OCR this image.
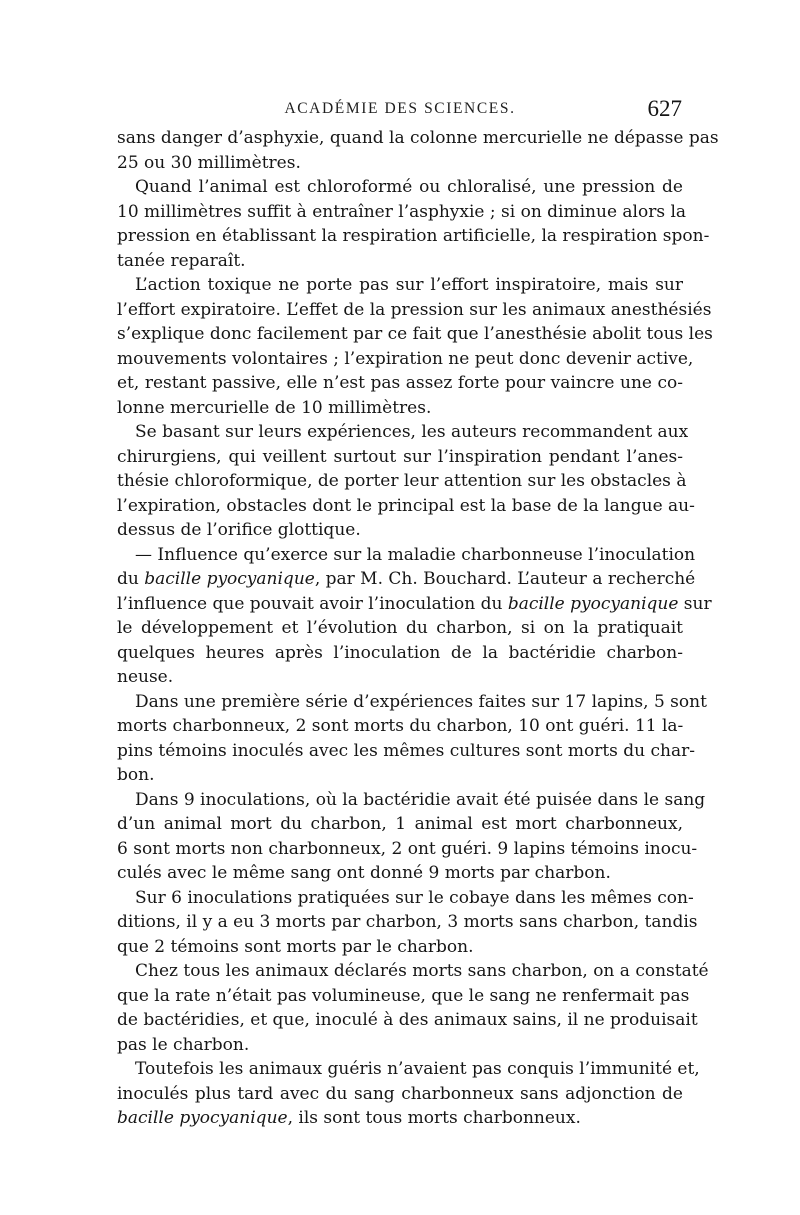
ACADÉMIE DES SCIENCES.	627

sans danger d’asphyxie, quand la colonne mercurielle ne dépasse pas
25 ou 30 millimètres.

Quand l’animal est chloroformé ou chloralisé, une pression de
10 millimètres suffit à entraîner l’asphyxie ; si on diminue alors la
pression en établissant la respiration artificielle, la respiration spon-
tanée reparaît.

L’action toxique ne porte pas sur l’effort inspiratoire, mais sur
l’effort expiratoire. L’effet de la pression sur les animaux anesthésiés
s’explique donc facilement par ce fait que l’anesthésie abolit tous les
mouvements volontaires ; l’expiration ne peut donc devenir active,
et, restant passive, elle n’est pas assez forte pour vaincre une co-
lonne mercurielle de 10 millimètres.

Se basant sur leurs expériences, les auteurs recommandent aux
chirurgiens, qui veillent surtout sur l’inspiration pendant l’anes-
thésie chloroformique, de porter leur attention sur les obstacles à
l’expiration, obstacles dont le principal est la base de la langue au-
dessus de l’orifice glottique.

— Influence qu’exerce sur la maladie charbonneuse l’inoculation
du bacille pyocyanique, par M. Ch. Bouchard. L’auteur a recherché
l’influence que pouvait avoir l’inoculation du bacille pyocyanique sur
le développement et l’évolution du charbon, si on la pratiquait
quelques heures après l’inoculation de la bactéridie charbon-
neuse.

Dans une première série d’expériences faites sur 17 lapins, 5 sont
morts charbonneux, 2 sont morts du charbon, 10 ont guéri. 11 la-
pins témoins inoculés avec les mêmes cultures sont morts du char-
bon.

Dans 9 inoculations, où la bactéridie avait été puisée dans le sang
d’un animal mort du charbon, 1 animal est mort charbonneux,
6 sont morts non charbonneux, 2 ont guéri. 9 lapins témoins inocu-
culés avec le même sang ont donné 9 morts par charbon.

Sur 6 inoculations pratiquées sur le cobaye dans les mêmes con-
ditions, il y a eu 3 morts par charbon, 3 morts sans charbon, tandis
que 2 témoins sont morts par le charbon.

Chez tous les animaux déclarés morts sans charbon, on a constaté
que la rate n’était pas volumineuse, que le sang ne renfermait pas
de bactéridies, et que, inoculé à des animaux sains, il ne produisait
pas le charbon.

Toutefois les animaux guéris n’avaient pas conquis l’immunité et,
inoculés plus tard avec du sang charbonneux sans adjonction de
bacille pyocyanique, ils sont tous morts charbonneux.
